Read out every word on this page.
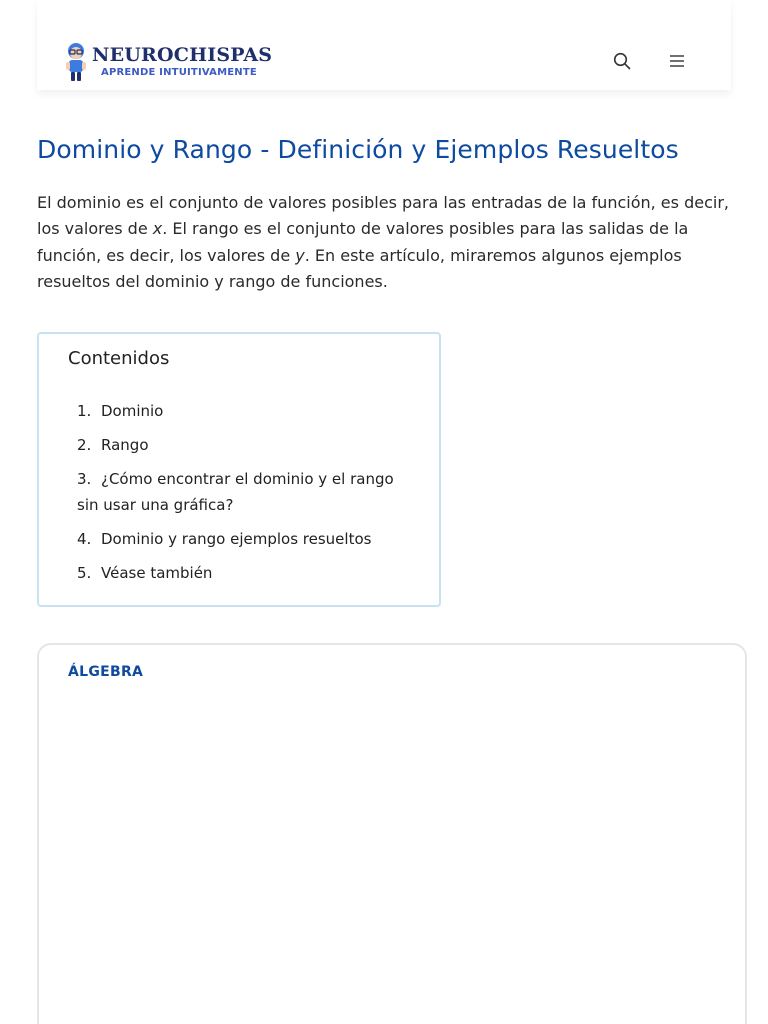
NEUROCHISPAS
APRENDE INTUITIVAMENTE
Dominio y Rango - Definición y Ejemplos Resueltos

El dominio es el conjunto de valores posibles para las entradas de la función, es decir, los valores de x. El rango es el conjunto de valores posibles para las salidas de la función, es decir, los valores de y. En este artículo, miraremos algunos ejemplos resueltos del dominio y rango de funciones.

Contenidos
1. Dominio
2. Rango
3. ¿Cómo encontrar el dominio y el rango sin usar una gráfica?
4. Dominio y rango ejemplos resueltos
5. Véase también
ÁLGEBRA
